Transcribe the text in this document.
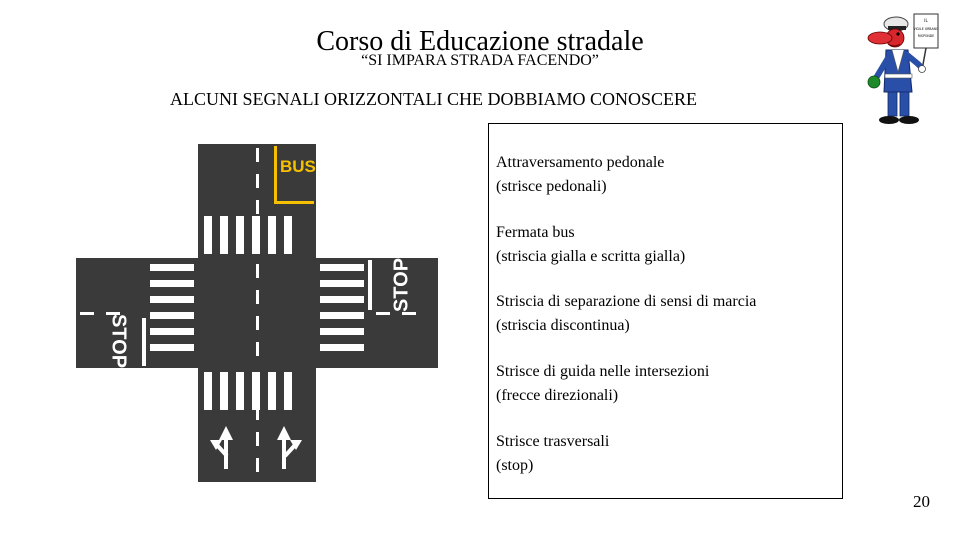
Corso di Educazione stradale
“SI IMPARA STRADA FACENDO”
ALCUNI SEGNALI ORIZZONTALI CHE DOBBIAMO CONOSCERE
IL
VIGILE URBANO
RISPONDE
STOP
STOP
BUS	Attraversamento pedonale
(strisce pedonali)
Fermata bus
(striscia gialla e scritta gialla)
Striscia di separazione di sensi di marcia
(striscia discontinua)
Strisce di guida nelle intersezioni
(frecce direzionali)
Strisce trasversali
(stop)
20
